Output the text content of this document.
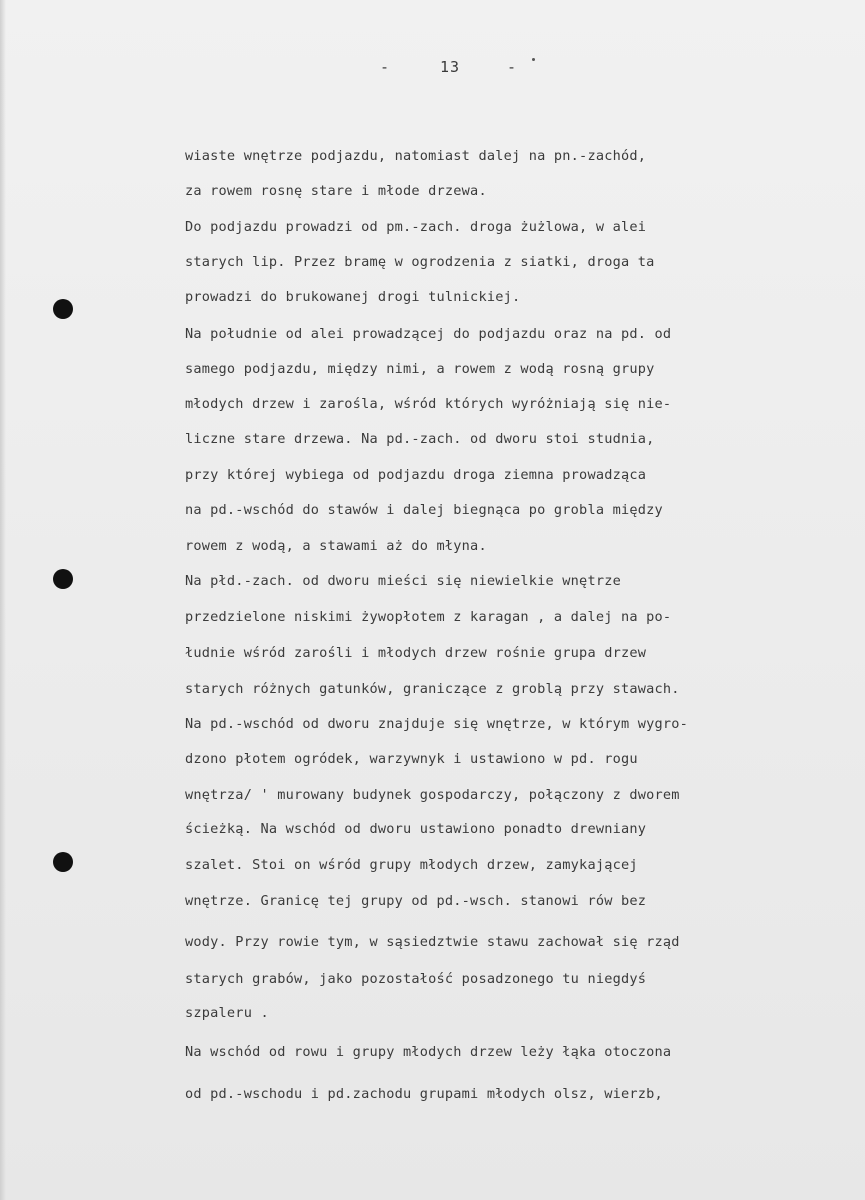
-	13	-
wiaste wnętrze podjazdu, natomiast dalej na pn.-zachód,
za rowem rosnę stare i młode drzewa.
Do podjazdu prowadzi od pm.-zach. droga żużlowa, w alei
starych lip. Przez bramę w ogrodzenia z siatki, droga ta
prowadzi do brukowanej drogi tulnickiej.
Na południe od alei prowadzącej do podjazdu oraz na pd. od
samego podjazdu, między nimi, a rowem z wodą rosną grupy
młodych drzew i zarośla, wśród których wyróżniają się nie-
liczne stare drzewa. Na pd.-zach. od dworu stoi studnia,
przy której wybiega od podjazdu droga ziemna prowadząca
na pd.-wschód do stawów i dalej biegnąca po grobla między
rowem z wodą, a stawami aż do młyna.
Na płd.-zach. od dworu mieści się niewielkie wnętrze
przedzielone niskimi żywopłotem z karagan , a dalej na po-
łudnie wśród zarośli i młodych drzew rośnie grupa drzew
starych różnych gatunków, graniczące z groblą przy stawach.
Na pd.-wschód od dworu znajduje się wnętrze, w którym wygro-
dzono płotem ogródek, warzywnyk i ustawiono w pd. rogu
wnętrza/ ' murowany budynek gospodarczy, połączony z dworem
ścieżką. Na wschód od dworu ustawiono ponadto drewniany
szalet. Stoi on wśród grupy młodych drzew, zamykającej
wnętrze. Granicę tej grupy od pd.-wsch. stanowi rów bez
wody. Przy rowie tym, w sąsiedztwie stawu zachował się rząd
starych grabów, jako pozostałość posadzonego tu niegdyś
szpaleru .
Na wschód od rowu i grupy młodych drzew leży łąka otoczona
od pd.-wschodu i pd.zachodu grupami młodych olsz, wierzb,
